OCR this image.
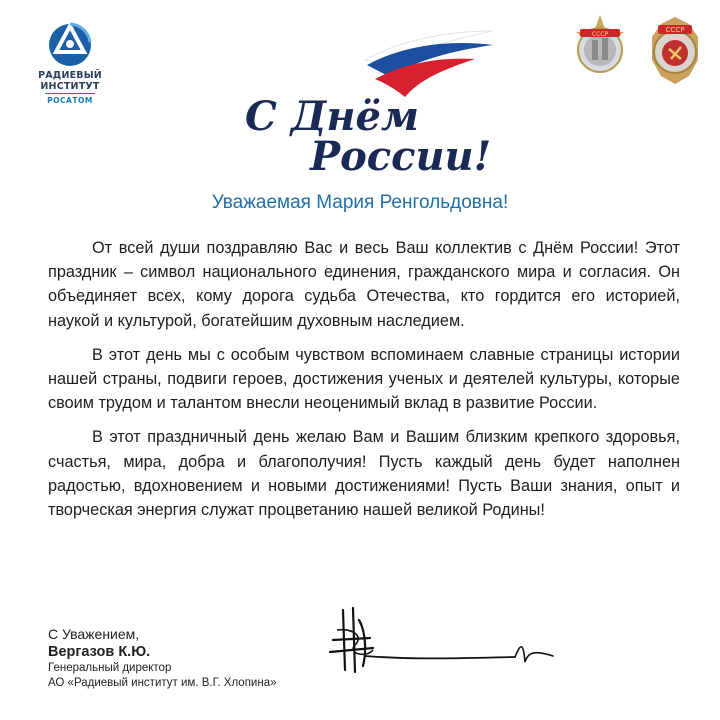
РАДИЕВЫЙ
ИНСТИТУТ
РОСАТОМ	С Днём
России!
СССР
СССР
Уважаемая Мария Ренгольдовна!

От всей души поздравляю Вас и весь Ваш коллектив с Днём России! Этот праздник – символ национального единения, гражданского мира и согласия. Он объединяет всех, кому дорога судьба Отечества, кто гордится его историей, наукой и культурой, богатейшим духовным наследием.

В этот день мы с особым чувством вспоминаем славные страницы истории нашей страны, подвиги героев, достижения ученых и деятелей культуры, которые своим трудом и талантом внесли неоценимый вклад в развитие России.

В этот праздничный день желаю Вам и Вашим близким крепкого здоровья, счастья, мира, добра и благополучия! Пусть каждый день будет наполнен радостью, вдохновением и новыми достижениями! Пусть Ваши знания, опыт и творческая энергия служат процветанию нашей великой Родины!

С Уважением,
Вергазов К.Ю.
Генеральный директор
АО «Радиевый институт им. В.Г. Хлопина»
